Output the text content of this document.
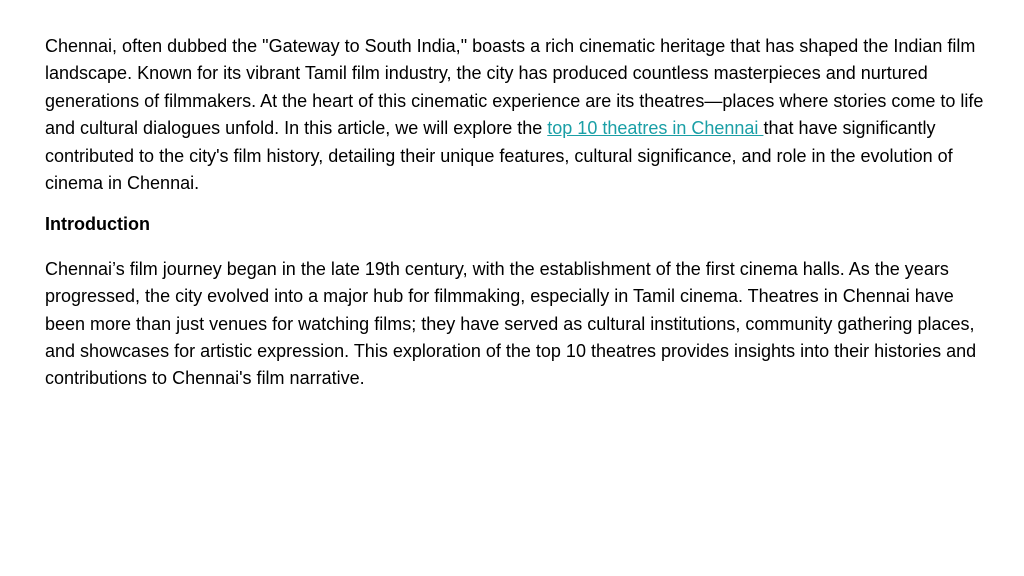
Chennai, often dubbed the "Gateway to South India," boasts a rich cinematic heritage that has shaped the Indian film landscape. Known for its vibrant Tamil film industry, the city has produced countless masterpieces and nurtured generations of filmmakers. At the heart of this cinematic experience are its theatres—places where stories come to life and cultural dialogues unfold. In this article, we will explore the top 10 theatres in Chennai that have significantly contributed to the city's film history, detailing their unique features, cultural significance, and role in the evolution of cinema in Chennai.

Introduction

Chennai’s film journey began in the late 19th century, with the establishment of the first cinema halls. As the years progressed, the city evolved into a major hub for filmmaking, especially in Tamil cinema. Theatres in Chennai have been more than just venues for watching films; they have served as cultural institutions, community gathering places, and showcases for artistic expression. This exploration of the top 10 theatres provides insights into their histories and contributions to Chennai's film narrative.
